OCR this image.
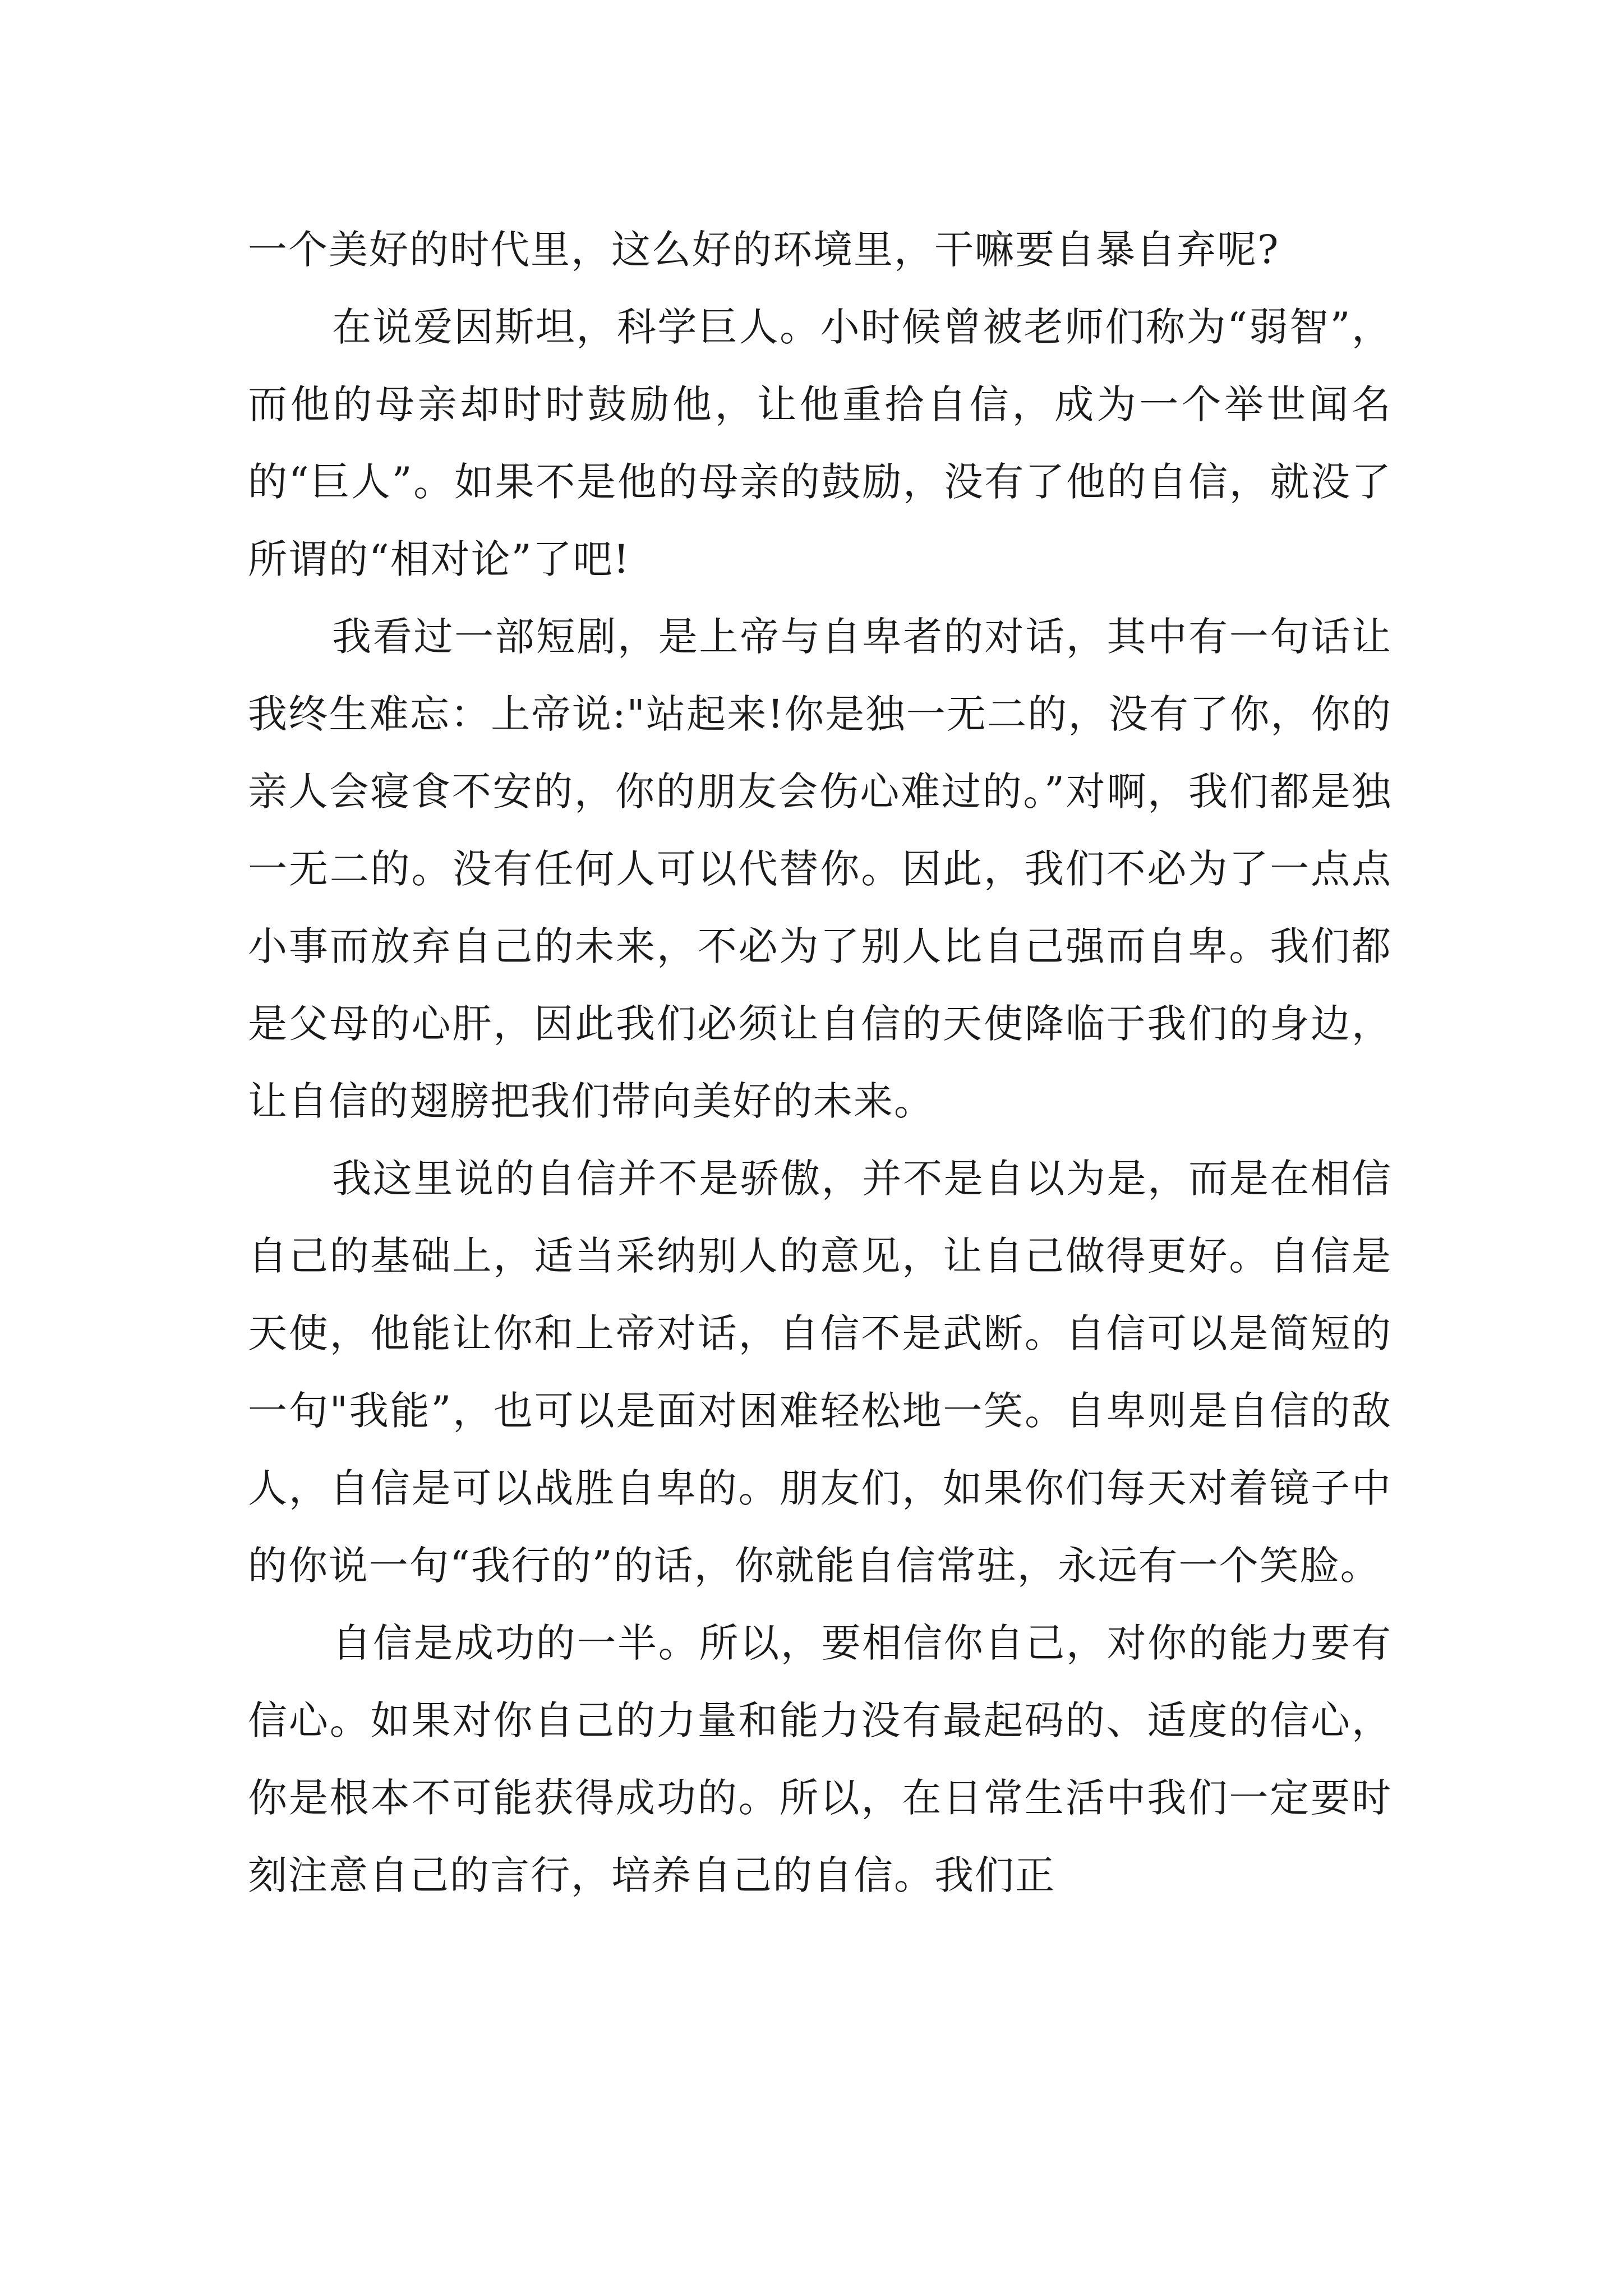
一个美好的时代里，这么好的环境里，干嘛要自暴自弃呢?

在说爱因斯坦，科学巨人。小时候曾被老师们称为“弱智”，而他的母亲却时时鼓励他，让他重拾自信，成为一个举世闻名的“巨人”。如果不是他的母亲的鼓励，没有了他的自信，就没了所谓的“相对论”了吧!

我看过一部短剧，是上帝与自卑者的对话，其中有一句话让我终生难忘：上帝说:"站起来!你是独一无二的，没有了你，你的亲人会寝食不安的，你的朋友会伤心难过的。”对啊，我们都是独一无二的。没有任何人可以代替你。因此，我们不必为了一点点小事而放弃自己的未来，不必为了别人比自己强而自卑。我们都是父母的心肝，因此我们必须让自信的天使降临于我们的身边，让自信的翅膀把我们带向美好的未来。

我这里说的自信并不是骄傲，并不是自以为是，而是在相信自己的基础上，适当采纳别人的意见，让自己做得更好。自信是天使，他能让你和上帝对话，自信不是武断。自信可以是简短的一句"我能”，也可以是面对困难轻松地一笑。自卑则是自信的敌人，自信是可以战胜自卑的。朋友们，如果你们每天对着镜子中的你说一句“我行的”的话，你就能自信常驻，永远有一个笑脸。

自信是成功的一半。所以，要相信你自己，对你的能力要有信心。如果对你自己的力量和能力没有最起码的、适度的信心，你是根本不可能获得成功的。所以，在日常生活中我们一定要时刻注意自己的言行，培养自己的自信。我们正
